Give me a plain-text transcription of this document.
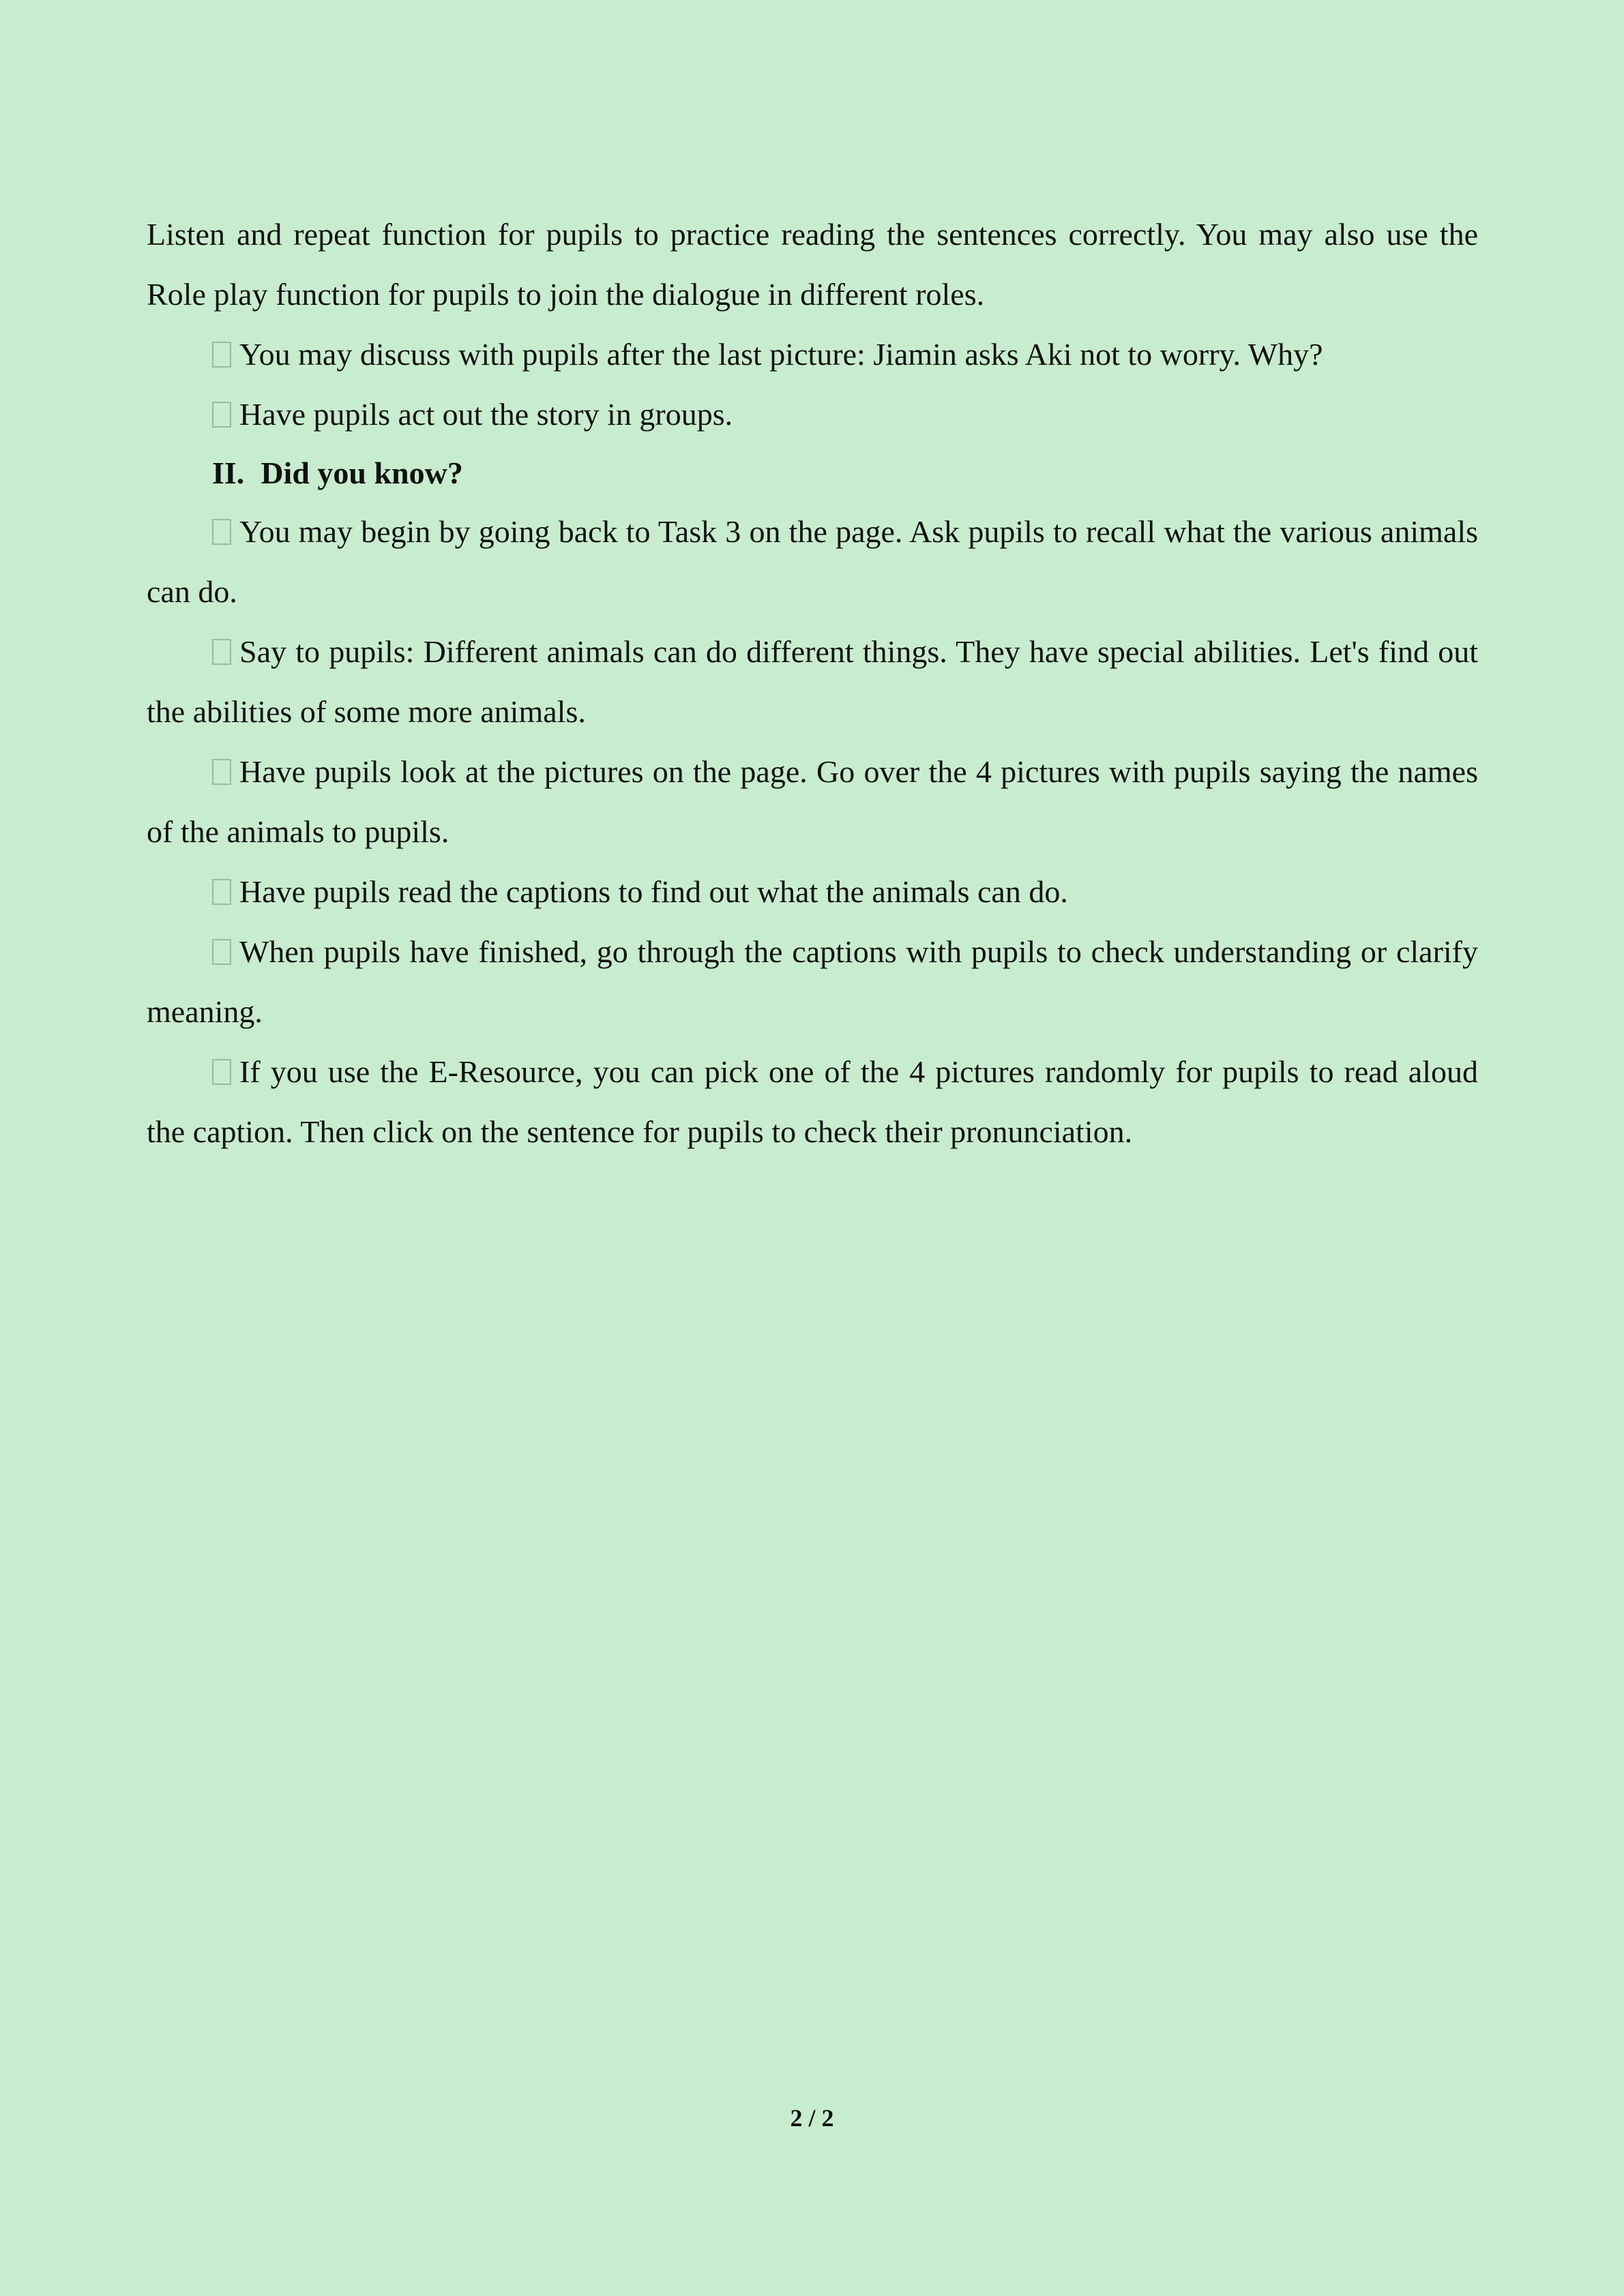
Listen and repeat function for pupils to practice reading the sentences correctly. You may also use the Role play function for pupils to join the dialogue in different roles.

You may discuss with pupils after the last picture: Jiamin asks Aki not to worry. Why?

Have pupils act out the story in groups.

II. Did you know?

You may begin by going back to Task 3 on the page. Ask pupils to recall what the various animals can do.

Say to pupils: Different animals can do different things. They have special abilities. Let's find out the abilities of some more animals.

Have pupils look at the pictures on the page. Go over the 4 pictures with pupils saying the names of the animals to pupils.

Have pupils read the captions to find out what the animals can do.

When pupils have finished, go through the captions with pupils to check understanding or clarify meaning.

If you use the E-Resource, you can pick one of the 4 pictures randomly for pupils to read aloud the caption. Then click on the sentence for pupils to check their pronunciation.

2 / 2
